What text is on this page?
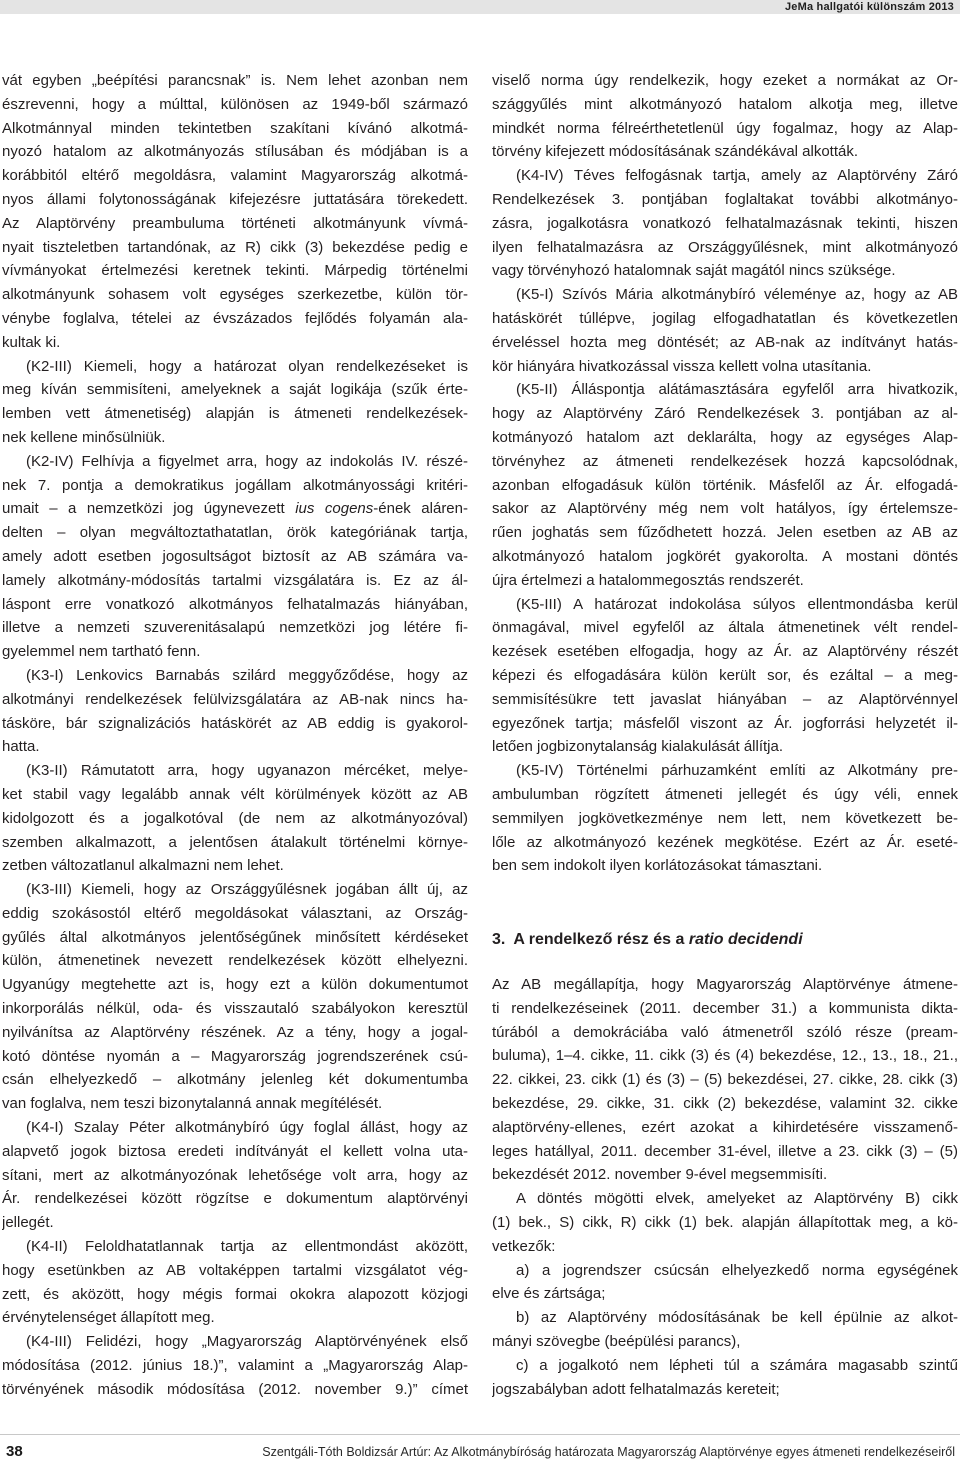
JeMa hallgatói különszám 2013
vát egyben „beépítési parancsnak” is. Nem lehet azonban nem
észrevenni, hogy a múlttal, különösen az 1949-ből származó
Alkotmánnyal minden tekintetben szakítani kívánó alkotmá-
nyozó hatalom az alkotmányozás stílusában és módjában is a
korábbitól eltérő megoldásra, valamint Magyarország alkotmá-
nyos állami folytonosságának kifejezésre juttatására törekedett.
Az Alaptörvény preambuluma történeti alkotmányunk vívmá-
nyait tiszteletben tartandónak, az R) cikk (3) bekezdése pedig e
vívmányokat értelmezési keretnek tekinti. Márpedig történelmi
alkotmányunk sohasem volt egységes szerkezetbe, külön tör-
vénybe foglalva, tételei az évszázados fejlődés folyamán ala-
kultak ki.
(K2-III) Kiemeli, hogy a határozat olyan rendelkezéseket is
meg kíván semmisíteni, amelyeknek a saját logikája (szűk érte-
lemben vett átmenetiség) alapján is átmeneti rendelkezések-
nek kellene minősülniük.
(K2-IV) Felhívja a figyelmet arra, hogy az indokolás IV. részé-
nek 7. pontja a demokratikus jogállam alkotmányossági kritéri-
umait – a nemzetközi jog úgynevezett ius cogens-ének aláren-
delten – olyan megváltoztathatatlan, örök kategóriának tartja,
amely adott esetben jogosultságot biztosít az AB számára va-
lamely alkotmány-módosítás tartalmi vizsgálatára is. Ez az ál-
láspont erre vonatkozó alkotmányos felhatalmazás hiányában,
illetve a nemzeti szuverenitásalapú nemzetközi jog létére fi-
gyelemmel nem tartható fenn.
(K3-I) Lenkovics Barnabás szilárd meggyőződése, hogy az
alkotmányi rendelkezések felülvizsgálatára az AB-nak nincs ha-
tásköre, bár szignalizációs hatáskörét az AB eddig is gyakorol-
hatta.
(K3-II) Rámutatott arra, hogy ugyanazon mércéket, melye-
ket stabil vagy legalább annak vélt körülmények között az AB
kidolgozott és a jogalkotóval (de nem az alkotmányozóval)
szemben alkalmazott, a jelentősen átalakult történelmi környe-
zetben változatlanul alkalmazni nem lehet.
(K3-III) Kiemeli, hogy az Országgyűlésnek jogában állt új, az
eddig szokásostól eltérő megoldásokat választani, az Ország-
gyűlés által alkotmányos jelentőségűnek minősített kérdéseket
külön, átmenetinek nevezett rendelkezések között elhelyezni.
Ugyanúgy megtehette azt is, hogy ezt a külön dokumentumot
inkorporálás nélkül, oda- és visszautaló szabályokon keresztül
nyilvánítsa az Alaptörvény részének. Az a tény, hogy a jogal-
kotó döntése nyomán a – Magyarország jogrendszerének csú-
csán elhelyezkedő – alkotmány jelenleg két dokumentumba
van foglalva, nem teszi bizonytalanná annak megítélését.
(K4-I) Szalay Péter alkotmánybíró úgy foglal állást, hogy az
alapvető jogok biztosa eredeti indítványát el kellett volna uta-
sítani, mert az alkotmányozónak lehetősége volt arra, hogy az
Ár. rendelkezései között rögzítse e dokumentum alaptörvényi
jellegét.
(K4-II) Feloldhatatlannak tartja az ellentmondást aközött,
hogy esetünkben az AB voltaképpen tartalmi vizsgálatot vég-
zett, és aközött, hogy mégis formai okokra alapozott közjogi
érvénytelenséget állapított meg.
(K4-III) Felidézi, hogy „Magyarország Alaptörvényének első
módosítása (2012. június 18.)”, valamint a „Magyarország Alap-
törvényének második módosítása (2012. november 9.)” címet
viselő norma úgy rendelkezik, hogy ezeket a normákat az Or-
szággyűlés mint alkotmányozó hatalom alkotja meg, illetve
mindkét norma félreérthetetlenül úgy fogalmaz, hogy az Alap-
törvény kifejezett módosításának szándékával alkották.
(K4-IV) Téves felfogásnak tartja, amely az Alaptörvény Záró
Rendelkezések 3. pontjában foglaltakat további alkotmányo-
zásra, jogalkotásra vonatkozó felhatalmazásnak tekinti, hiszen
ilyen felhatalmazásra az Országgyűlésnek, mint alkotmányozó
vagy törvényhozó hatalomnak saját magától nincs szüksége.
(K5-I) Szívós Mária alkotmánybíró véleménye az, hogy az AB
hatáskörét túllépve, jogilag elfogadhatatlan és következetlen
érveléssel hozta meg döntését; az AB-nak az indítványt hatás-
kör hiányára hivatkozással vissza kellett volna utasítania.
(K5-II) Álláspontja alátámasztására egyfelől arra hivatkozik,
hogy az Alaptörvény Záró Rendelkezések 3. pontjában az al-
kotmányozó hatalom azt deklarálta, hogy az egységes Alap-
törvényhez az átmeneti rendelkezések hozzá kapcsolódnak,
azonban elfogadásuk külön történik. Másfelől az Ár. elfogadá-
sakor az Alaptörvény még nem volt hatályos, így értelemsze-
rűen joghatás sem fűződhetett hozzá. Jelen esetben az AB az
alkotmányozó hatalom jogkörét gyakorolta. A mostani döntés
újra értelmezi a hatalommegosztás rendszerét.
(K5-III) A határozat indokolása súlyos ellentmondásba kerül
önmagával, mivel egyfelől az általa átmenetinek vélt rendel-
kezések esetében elfogadja, hogy az Ár. az Alaptörvény részét
képezi és elfogadására külön került sor, és ezáltal – a meg-
semmisítésükre tett javaslat hiányában – az Alaptörvénnyel
egyezőnek tartja; másfelől viszont az Ár. jogforrási helyzetét il-
letően jogbizonytalanság kialakulását állítja.
(K5-IV) Történelmi párhuzamként említi az Alkotmány pre-
ambulumban rögzített átmeneti jellegét és úgy véli, ennek
semmilyen jogkövetkezménye nem lett, nem következett be-
lőle az alkotmányozó kezének megkötése. Ezért az Ár. eseté-
ben sem indokolt ilyen korlátozásokat támasztani.
3. A rendelkező rész és a ratio decidendi
Az AB megállapítja, hogy Magyarország Alaptörvénye átmene-
ti rendelkezéseinek (2011. december 31.) a kommunista dikta-
túrából a demokráciába való átmenetről szóló része (pream-
buluma), 1–4. cikke, 11. cikk (3) és (4) bekezdése, 12., 13., 18., 21.,
22. cikkei, 23. cikk (1) és (3) – (5) bekezdései, 27. cikke, 28. cikk (3)
bekezdése, 29. cikke, 31. cikk (2) bekezdése, valamint 32. cikke
alaptörvény-ellenes, ezért azokat a kihirdetésére visszamenő-
leges hatállyal, 2011. december 31-ével, illetve a 23. cikk (3) – (5)
bekezdését 2012. november 9-ével megsemmisíti.
A döntés mögötti elvek, amelyeket az Alaptörvény B) cikk
(1) bek., S) cikk, R) cikk (1) bek. alapján állapítottak meg, a kö-
vetkezők:
a) a jogrendszer csúcsán elhelyezkedő norma egységének
elve és zártsága;
b) az Alaptörvény módosításának be kell épülnie az alkot-
mányi szövegbe (beépülési parancs),
c) a jogalkotó nem lépheti túl a számára magasabb szintű
jogszabályban adott felhatalmazás kereteit;
38	Szentgáli-Tóth Boldizsár Artúr: Az Alkotmánybíróság határozata Magyarország Alaptörvénye egyes átmeneti rendelkezéseiről
